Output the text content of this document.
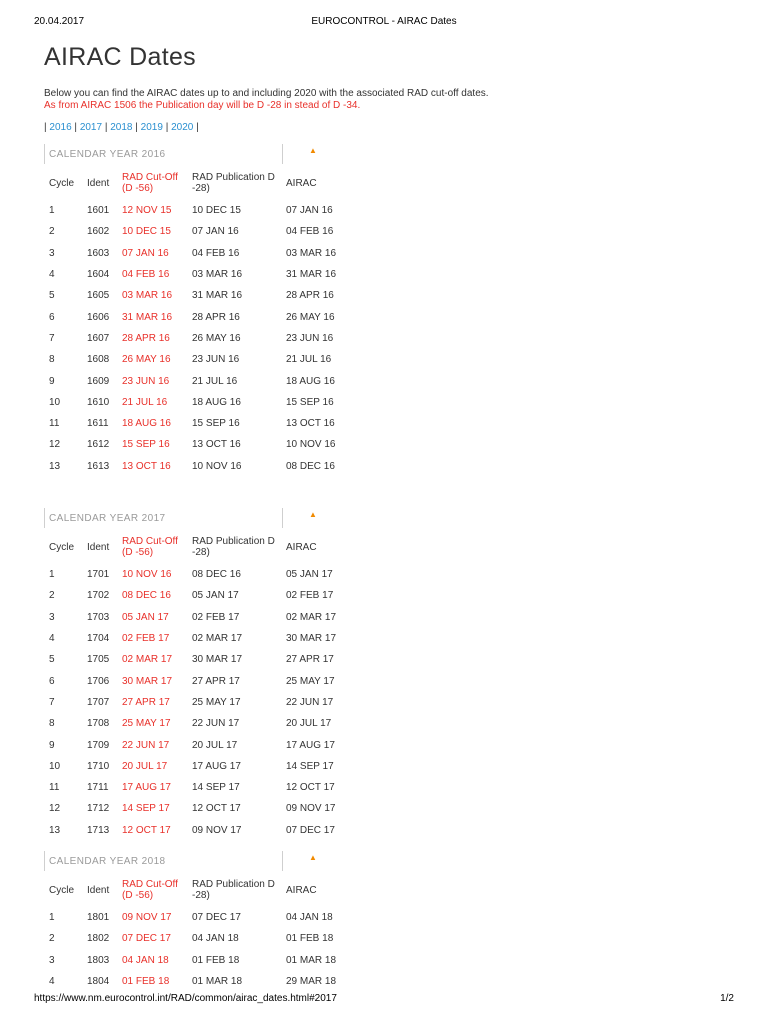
20.04.2017	EUROCONTROL - AIRAC Dates
AIRAC Dates
Below you can find the AIRAC dates up to and including 2020 with the associated RAD cut-off dates.
As from AIRAC 1506 the Publication day will be D -28 in stead of D -34.
| 2016 | 2017 | 2018 | 2019 | 2020 |
CALENDAR YEAR 2016	▲
Cycle	Ident	RAD Cut-Off (D -56)	RAD Publication D -28)	AIRAC
1	1601	12 NOV 15	10 DEC 15	07 JAN 16
2	1602	10 DEC 15	07 JAN 16	04 FEB 16
3	1603	07 JAN 16	04 FEB 16	03 MAR 16
4	1604	04 FEB 16	03 MAR 16	31 MAR 16
5	1605	03 MAR 16	31 MAR 16	28 APR 16
6	1606	31 MAR 16	28 APR 16	26 MAY 16
7	1607	28 APR 16	26 MAY 16	23 JUN 16
8	1608	26 MAY 16	23 JUN 16	21 JUL 16
9	1609	23 JUN 16	21 JUL 16	18 AUG 16
10	1610	21 JUL 16	18 AUG 16	15 SEP 16
11	1611	18 AUG 16	15 SEP 16	13 OCT 16
12	1612	15 SEP 16	13 OCT 16	10 NOV 16
13	1613	13 OCT 16	10 NOV 16	08 DEC 16
CALENDAR YEAR 2017	▲
Cycle	Ident	RAD Cut-Off (D -56)	RAD Publication D -28)	AIRAC
1	1701	10 NOV 16	08 DEC 16	05 JAN 17
2	1702	08 DEC 16	05 JAN 17	02 FEB 17
3	1703	05 JAN 17	02 FEB 17	02 MAR 17
4	1704	02 FEB 17	02 MAR 17	30 MAR 17
5	1705	02 MAR 17	30 MAR 17	27 APR 17
6	1706	30 MAR 17	27 APR 17	25 MAY 17
7	1707	27 APR 17	25 MAY 17	22 JUN 17
8	1708	25 MAY 17	22 JUN 17	20 JUL 17
9	1709	22 JUN 17	20 JUL 17	17 AUG 17
10	1710	20 JUL 17	17 AUG 17	14 SEP 17
11	1711	17 AUG 17	14 SEP 17	12 OCT 17
12	1712	14 SEP 17	12 OCT 17	09 NOV 17
13	1713	12 OCT 17	09 NOV 17	07 DEC 17
CALENDAR YEAR 2018	▲
Cycle	Ident	RAD Cut-Off (D -56)	RAD Publication D -28)	AIRAC
1	1801	09 NOV 17	07 DEC 17	04 JAN 18
2	1802	07 DEC 17	04 JAN 18	01 FEB 18
3	1803	04 JAN 18	01 FEB 18	01 MAR 18
4	1804	01 FEB 18	01 MAR 18	29 MAR 18
https://www.nm.eurocontrol.int/RAD/common/airac_dates.html#2017	1/2
